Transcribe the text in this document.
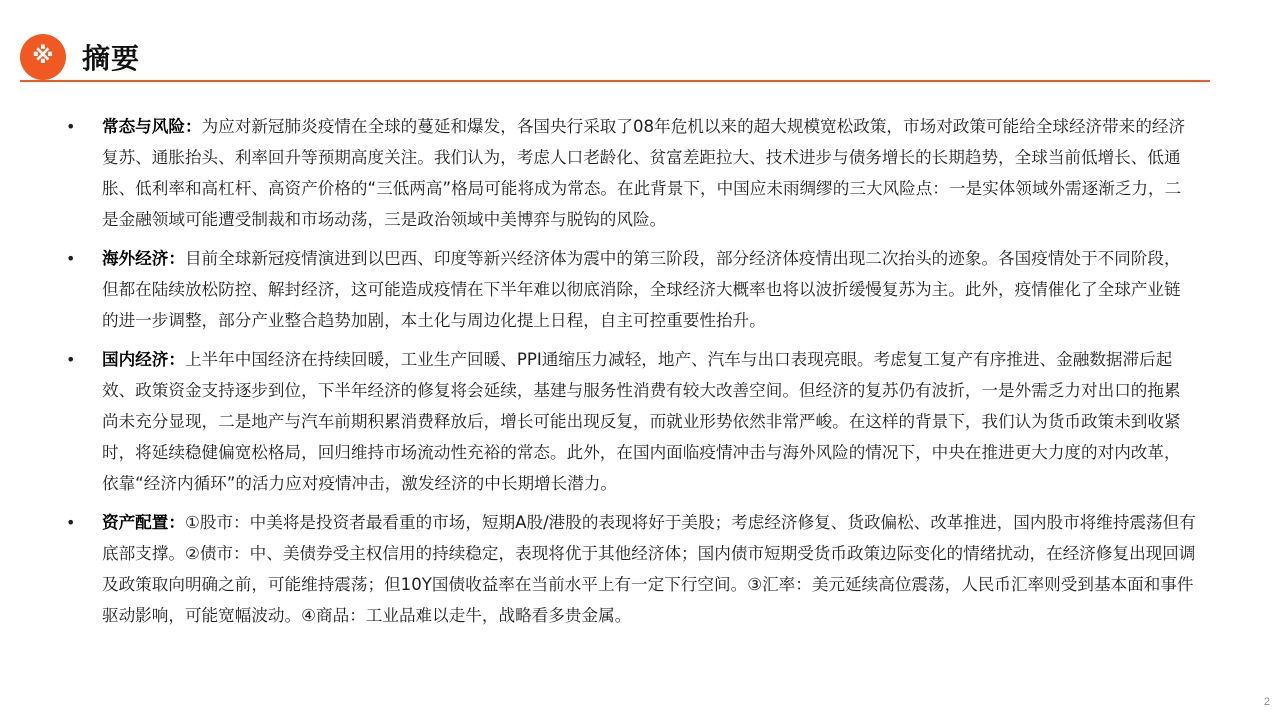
※ 摘要
• 常态与风险：为应对新冠肺炎疫情在全球的蔓延和爆发，各国央行采取了08年危机以来的超大规模宽松政策，市场对政策可能给全球经济带来的经济复苏、通胀抬头、利率回升等预期高度关注。我们认为，考虑人口老龄化、贫富差距拉大、技术进步与债务增长的长期趋势，全球当前低增长、低通胀、低利率和高杠杆、高资产价格的“三低两高”格局可能将成为常态。在此背景下，中国应未雨绸缪的三大风险点：一是实体领域外需逐渐乏力，二是金融领域可能遭受制裁和市场动荡，三是政治领域中美博弈与脱钩的风险。
• 海外经济：目前全球新冠疫情演进到以巴西、印度等新兴经济体为震中的第三阶段，部分经济体疫情出现二次抬头的迹象。各国疫情处于不同阶段，但都在陆续放松防控、解封经济，这可能造成疫情在下半年难以彻底消除，全球经济大概率也将以波折缓慢复苏为主。此外，疫情催化了全球产业链的进一步调整，部分产业整合趋势加剧，本土化与周边化提上日程，自主可控重要性抬升。
• 国内经济：上半年中国经济在持续回暖，工业生产回暖、PPI通缩压力减轻，地产、汽车与出口表现亮眼。考虑复工复产有序推进、金融数据滞后起效、政策资金支持逐步到位，下半年经济的修复将会延续，基建与服务性消费有较大改善空间。但经济的复苏仍有波折，一是外需乏力对出口的拖累尚未充分显现，二是地产与汽车前期积累消费释放后，增长可能出现反复，而就业形势依然非常严峻。在这样的背景下，我们认为货币政策未到收紧时，将延续稳健偏宽松格局，回归维持市场流动性充裕的常态。此外，在国内面临疫情冲击与海外风险的情况下，中央在推进更大力度的对内改革，依靠“经济内循环”的活力应对疫情冲击，激发经济的中长期增长潜力。
• 资产配置：①股市：中美将是投资者最看重的市场，短期A股/港股的表现将好于美股；考虑经济修复、货政偏松、改革推进，国内股市将维持震荡但有底部支撑。②债市：中、美债券受主权信用的持续稳定，表现将优于其他经济体；国内债市短期受货币政策边际变化的情绪扰动，在经济修复出现回调及政策取向明确之前，可能维持震荡；但10Y国债收益率在当前水平上有一定下行空间。③汇率：美元延续高位震荡，人民币汇率则受到基本面和事件驱动影响，可能宽幅波动。④商品：工业品难以走牛，战略看多贵金属。
2
